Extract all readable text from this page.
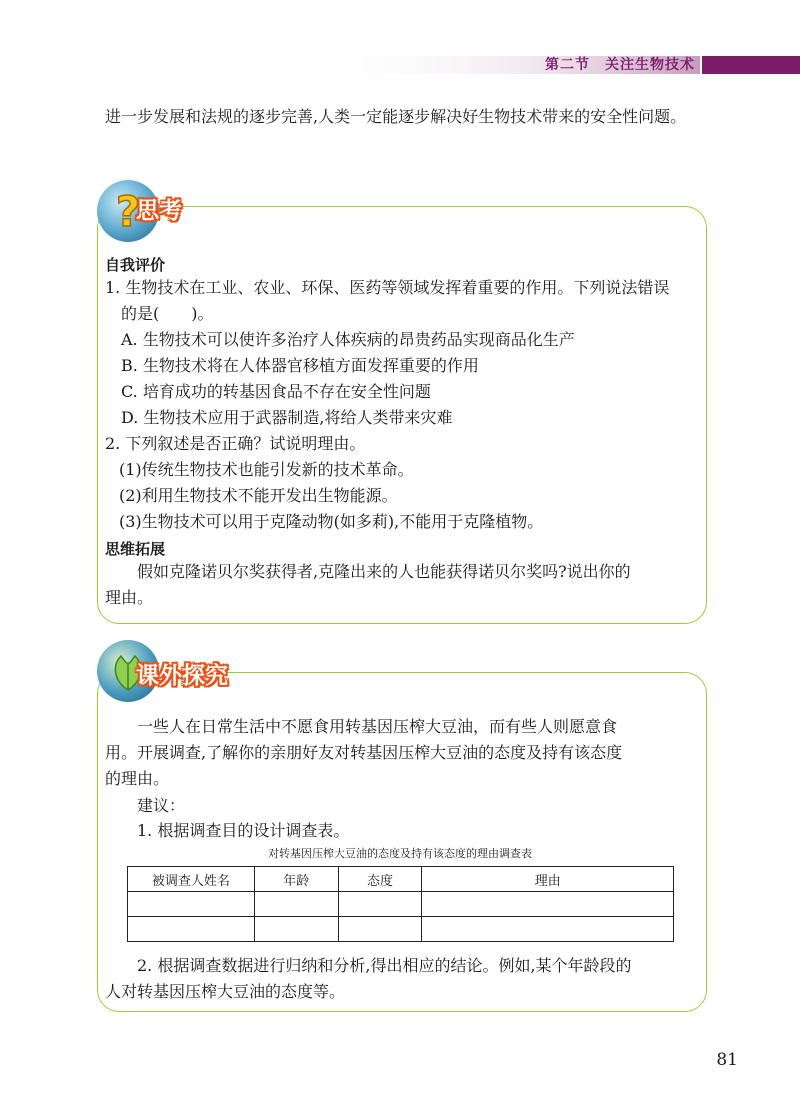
第二节　关注生物技术

进一步发展和法规的逐步完善,人类一定能逐步解决好生物技术带来的安全性问题。

?
思考
自我评价
1. 生物技术在工业、农业、环保、医药等领域发挥着重要的作用。下列说法错误
的是(　　)。
A. 生物技术可以使许多治疗人体疾病的昂贵药品实现商品化生产
B. 生物技术将在人体器官移植方面发挥重要的作用
C. 培育成功的转基因食品不存在安全性问题
D. 生物技术应用于武器制造,将给人类带来灾难
2. 下列叙述是否正确？试说明理由。
(1)传统生物技术也能引发新的技术革命。
(2)利用生物技术不能开发出生物能源。
(3)生物技术可以用于克隆动物(如多莉),不能用于克隆植物。
思维拓展
假如克隆诺贝尔奖获得者,克隆出来的人也能获得诺贝尔奖吗?说出你的
理由。
课外探究
一些人在日常生活中不愿食用转基因压榨大豆油，而有些人则愿意食
用。开展调查,了解你的亲朋好友对转基因压榨大豆油的态度及持有该态度
的理由。
建议：
1. 根据调查目的设计调查表。
对转基因压榨大豆油的态度及持有该态度的理由调查表
被调查人姓名	年龄	态度	理由

2. 根据调查数据进行归纳和分析,得出相应的结论。例如,某个年龄段的
人对转基因压榨大豆油的态度等。
81
